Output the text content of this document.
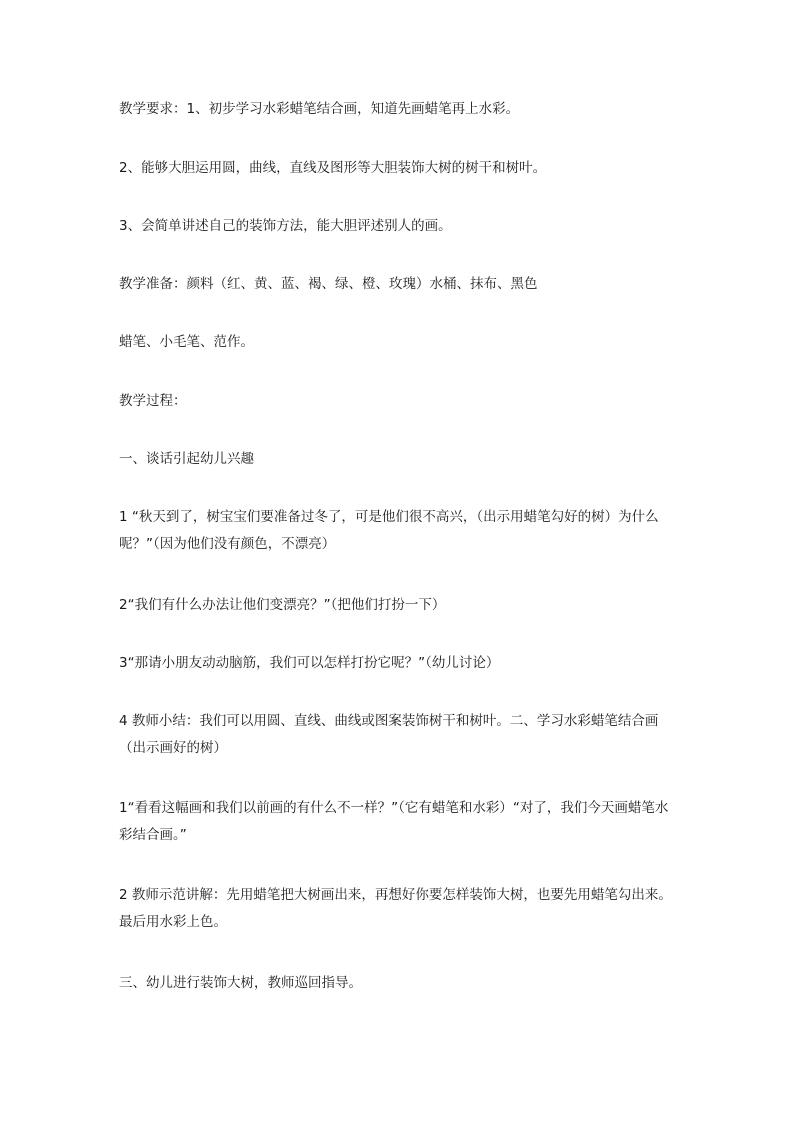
教学要求：1、初步学习水彩蜡笔结合画，知道先画蜡笔再上水彩。

2、能够大胆运用圆，曲线，直线及图形等大胆装饰大树的树干和树叶。

3、会简单讲述自己的装饰方法，能大胆评述别人的画。

教学准备：颜料（红、黄、蓝、褐、绿、橙、玫瑰）水桶、抹布、黑色

蜡笔、小毛笔、范作。

教学过程：

一、谈话引起幼儿兴趣

1 “秋天到了，树宝宝们要准备过冬了，可是他们很不高兴，（出示用蜡笔勾好的树）为什么呢？”（因为他们没有颜色，不漂亮）

2“我们有什么办法让他们变漂亮？”（把他们打扮一下）

3“那请小朋友动动脑筋，我们可以怎样打扮它呢？”（幼儿讨论）

4 教师小结：我们可以用圆、直线、曲线或图案装饰树干和树叶。二、学习水彩蜡笔结合画（出示画好的树）

1“看看这幅画和我们以前画的有什么不一样？”（它有蜡笔和水彩）“对了，我们今天画蜡笔水彩结合画。”

2 教师示范讲解：先用蜡笔把大树画出来，再想好你要怎样装饰大树，也要先用蜡笔勾出来。最后用水彩上色。

三、幼儿进行装饰大树，教师巡回指导。
